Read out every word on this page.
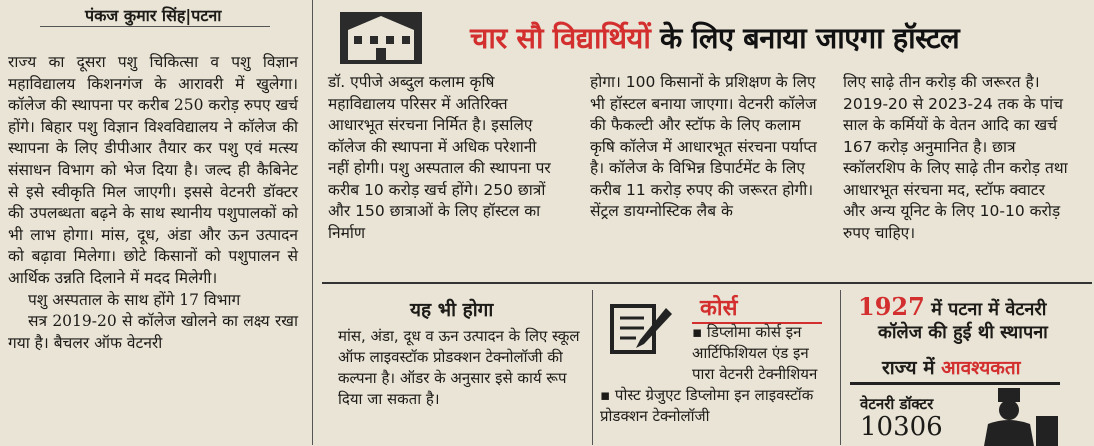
पंकज कुमार सिंह|पटना

राज्य का दूसरा पशु चिकित्सा व पशु विज्ञान महाविद्यालय किशनगंज के आरावरी में खुलेगा। कॉलेज की स्थापना पर करीब 250 करोड़ रुपए खर्च होंगे। बिहार पशु विज्ञान विश्वविद्यालय ने कॉलेज की स्थापना के लिए डीपीआर तैयार कर पशु एवं मत्स्य संसाधन विभाग को भेज दिया है। जल्द ही कैबिनेट से इसे स्वीकृति मिल जाएगी। इससे वेटनरी डॉक्टर की उपलब्धता बढ़ने के साथ स्थानीय पशुपालकों को भी लाभ होगा। मांस, दूध, अंडा और ऊन उत्पादन को बढ़ावा मिलेगा। छोटे किसानों को पशुपालन से आर्थिक उन्नति दिलाने में मदद मिलेगी।

पशु अस्पताल के साथ होंगे 17 विभाग

सत्र 2019-20 से कॉलेज खोलने का लक्ष्य रखा गया है। बैचलर ऑफ वेटनरी

चार सौ विद्यार्थियों के लिए बनाया जाएगा हॉस्टल

डॉ. एपीजे अब्दुल कलाम कृषि महाविद्यालय परिसर में अतिरिक्त आधारभूत संरचना निर्मित है। इसलिए कॉलेज की स्थापना में अधिक परेशानी नहीं होगी। पशु अस्पताल की स्थापना पर करीब 10 करोड़ खर्च होंगे। 250 छात्रों और 150 छात्राओं के लिए हॉस्टल का निर्माण

होगा। 100 किसानों के प्रशिक्षण के लिए भी हॉस्टल बनाया जाएगा। वेटनरी कॉलेज की फैकल्टी और स्टॉफ के लिए कलाम कृषि कॉलेज में आधारभूत संरचना पर्याप्त है। कॉलेज के विभिन्न डिपार्टमेंट के लिए करीब 11 करोड़ रुपए की जरूरत होगी। सेंट्रल डायग्नोस्टिक लैब के

लिए साढ़े तीन करोड़ की जरूरत है। 2019-20 से 2023-24 तक के पांच साल के कर्मियों के वेतन आदि का खर्च 167 करोड़ अनुमानित है। छात्र स्कॉलरशिप के लिए साढ़े तीन करोड़ तथा आधारभूत संरचना मद, स्टॉफ क्वाटर और अन्य यूनिट के लिए 10-10 करोड़ रुपए चाहिए।

यह भी होगा

मांस, अंडा, दूध व ऊन उत्पादन के लिए स्कूल ऑफ लाइवस्टॉक प्रोडक्शन टेक्नोलॉजी की कल्पना है। ऑडर के अनुसार इसे कार्य रूप दिया जा सकता है।

कोर्स

▪ डिप्लोमा कोर्स इन आर्टिफिशियल एंड इन पारा वेटनरी टेक्नीशियन

▪ पोस्ट ग्रेजुएट डिप्लोमा इन लाइवस्टॉक प्रोडक्शन टेक्नोलॉजी

1927 में पटना में वेटनरी
कॉलेज की हुई थी स्थापना
राज्य में आवश्यकता
वेटनरी डॉक्टर
10306
